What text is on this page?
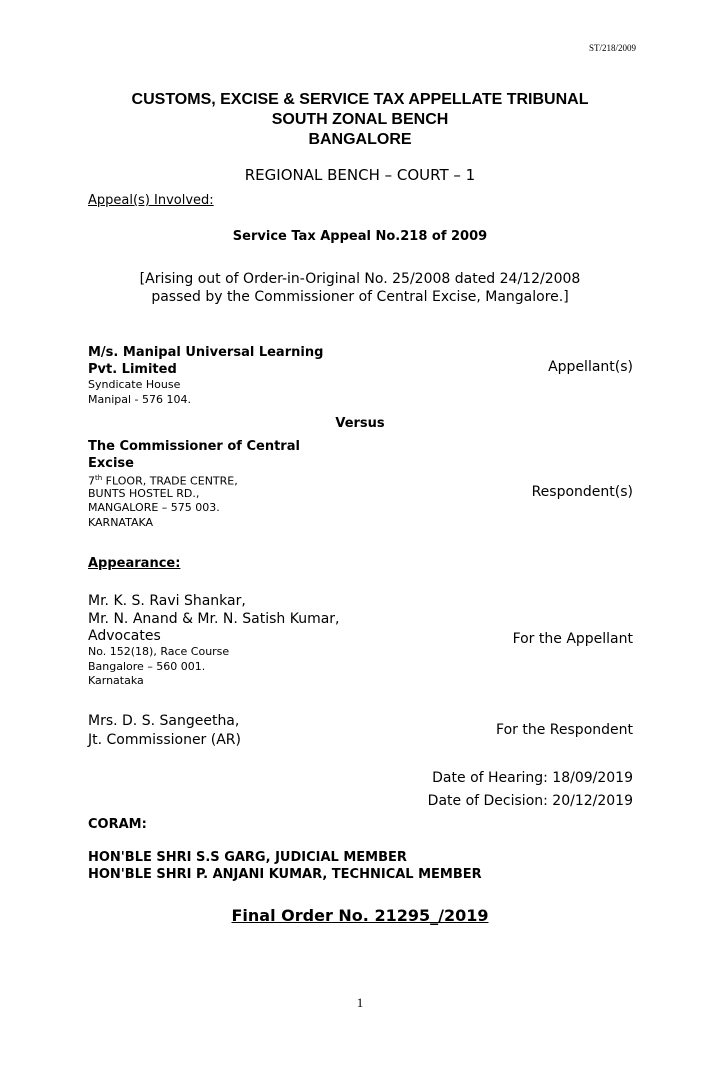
ST/218/2009
CUSTOMS, EXCISE & SERVICE TAX APPELLATE TRIBUNAL
SOUTH ZONAL BENCH
BANGALORE
REGIONAL BENCH – COURT – 1
Appeal(s) Involved:
Service Tax Appeal No.218 of 2009
[Arising out of Order-in-Original No. 25/2008 dated 24/12/2008 passed by the Commissioner of Central Excise, Mangalore.]
M/s. Manipal Universal Learning
Pvt. Limited
Syndicate House
Manipal - 576 104.
Appellant(s)
Versus
The Commissioner of Central
Excise
7th FLOOR, TRADE CENTRE,
BUNTS HOSTEL RD.,
MANGALORE – 575 003.
KARNATAKA
Respondent(s)
Appearance:
Mr. K. S. Ravi Shankar,
Mr. N. Anand & Mr. N. Satish Kumar,
Advocates
No. 152(18), Race Course
Bangalore – 560 001.
Karnataka
For the Appellant
Mrs. D. S. Sangeetha,
Jt. Commissioner (AR)
For the Respondent
Date of Hearing: 18/09/2019
Date of Decision: 20/12/2019
CORAM:
HON'BLE SHRI S.S GARG, JUDICIAL MEMBER
HON'BLE SHRI P. ANJANI KUMAR, TECHNICAL MEMBER
Final Order No. 21295_/2019
1
